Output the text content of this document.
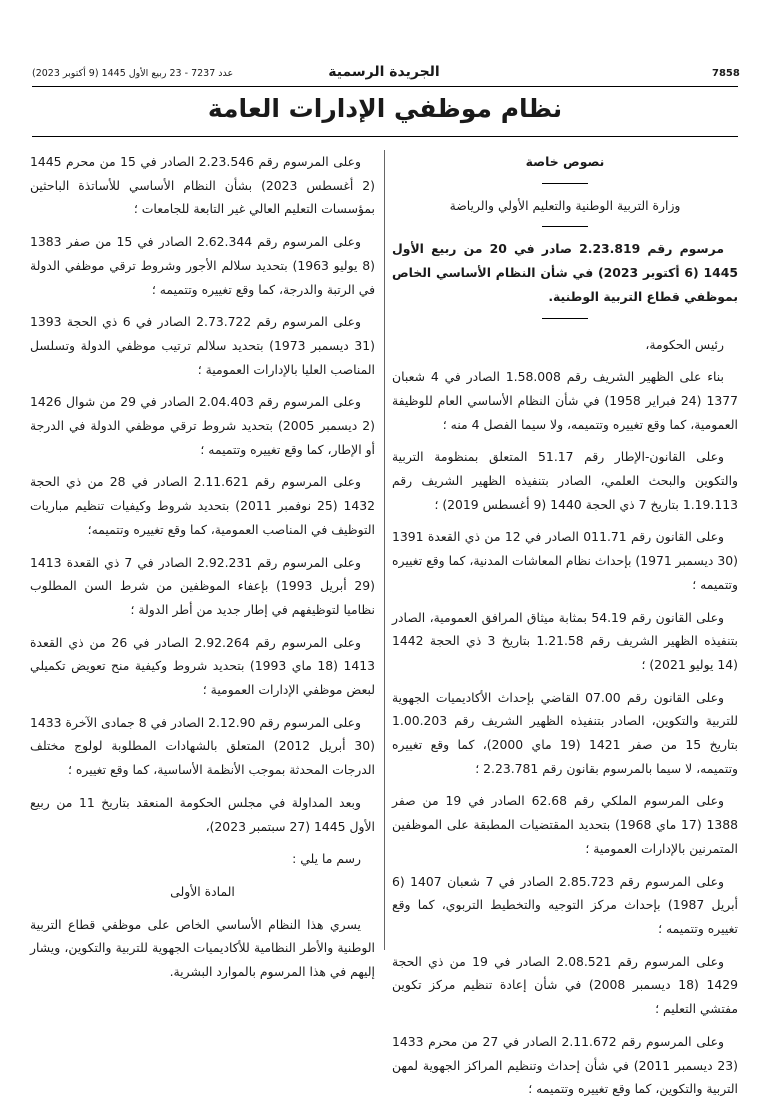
7858
الجريدة الرسمية
عدد 7237 - 23 ربيع الأول 1445 (9 أكتوبر 2023)
نظام موظفي الإدارات العامة

نصوص خاصة

وزارة التربية الوطنية والتعليم الأولي والرياضة

مرسوم رقم 2.23.819 صادر في 20 من ربيع الأول 1445 (6 أكتوبر 2023) في شأن النظام الأساسي الخاص بموظفي قطاع التربية الوطنية.

رئيس الحكومة،

بناء على الظهير الشريف رقم 1.58.008 الصادر في 4 شعبان 1377 (24 فبراير 1958) في شأن النظام الأساسي العام للوظيفة العمومية، كما وقع تغييره وتتميمه، ولا سيما الفصل 4 منه ؛

وعلى القانون-الإطار رقم 51.17 المتعلق بمنظومة التربية والتكوين والبحث العلمي، الصادر بتنفيذه الظهير الشريف رقم 1.19.113 بتاريخ 7 ذي الحجة 1440 (9 أغسطس 2019) ؛

وعلى القانون رقم 011.71 الصادر في 12 من ذي القعدة 1391 (30 ديسمبر 1971) بإحداث نظام المعاشات المدنية، كما وقع تغييره وتتميمه ؛

وعلى القانون رقم 54.19 بمثابة ميثاق المرافق العمومية، الصادر بتنفيذه الظهير الشريف رقم 1.21.58 بتاريخ 3 ذي الحجة 1442 (14 يوليو 2021) ؛

وعلى القانون رقم 07.00 القاضي بإحداث الأكاديميات الجهوية للتربية والتكوين، الصادر بتنفيذه الظهير الشريف رقم 1.00.203 بتاريخ 15 من صفر 1421 (19 ماي 2000)، كما وقع تغييره وتتميمه، لا سيما بالمرسوم بقانون رقم 2.23.781 ؛

وعلى المرسوم الملكي رقم 62.68 الصادر في 19 من صفر 1388 (17 ماي 1968) بتحديد المقتضيات المطبقة على الموظفين المتمرنين بالإدارات العمومية ؛

وعلى المرسوم رقم 2.85.723 الصادر في 7 شعبان 1407 (6 أبريل 1987) بإحداث مركز التوجيه والتخطيط التربوي، كما وقع تغييره وتتميمه ؛

وعلى المرسوم رقم 2.08.521 الصادر في 19 من ذي الحجة 1429 (18 ديسمبر 2008) في شأن إعادة تنظيم مركز تكوين مفتشي التعليم ؛

وعلى المرسوم رقم 2.11.672 الصادر في 27 من محرم 1433 (23 ديسمبر 2011) في شأن إحداث وتنظيم المراكز الجهوية لمهن التربية والتكوين، كما وقع تغييره وتتميمه ؛

وعلى المرسوم رقم 2.23.546 الصادر في 15 من محرم 1445 (2 أغسطس 2023) بشأن النظام الأساسي للأساتذة الباحثين بمؤسسات التعليم العالي غير التابعة للجامعات ؛

وعلى المرسوم رقم 2.62.344 الصادر في 15 من صفر 1383 (8 يوليو 1963) بتحديد سلالم الأجور وشروط ترقي موظفي الدولة في الرتبة والدرجة، كما وقع تغييره وتتميمه ؛

وعلى المرسوم رقم 2.73.722 الصادر في 6 ذي الحجة 1393 (31 ديسمبر 1973) بتحديد سلالم ترتيب موظفي الدولة وتسلسل المناصب العليا بالإدارات العمومية ؛

وعلى المرسوم رقم 2.04.403 الصادر في 29 من شوال 1426 (2 ديسمبر 2005) بتحديد شروط ترقي موظفي الدولة في الدرجة أو الإطار، كما وقع تغييره وتتميمه ؛

وعلى المرسوم رقم 2.11.621 الصادر في 28 من ذي الحجة 1432 (25 نوفمبر 2011) بتحديد شروط وكيفيات تنظيم مباريات التوظيف في المناصب العمومية، كما وقع تغييره وتتميمه؛

وعلى المرسوم رقم 2.92.231 الصادر في 7 ذي القعدة 1413 (29 أبريل 1993) بإعفاء الموظفين من شرط السن المطلوب نظاميا لتوظيفهم في إطار جديد من أطر الدولة ؛

وعلى المرسوم رقم 2.92.264 الصادر في 26 من ذي القعدة 1413 (18 ماي 1993) بتحديد شروط وكيفية منح تعويض تكميلي لبعض موظفي الإدارات العمومية ؛

وعلى المرسوم رقم 2.12.90 الصادر في 8 جمادى الآخرة 1433 (30 أبريل 2012) المتعلق بالشهادات المطلوبة لولوج مختلف الدرجات المحدثة بموجب الأنظمة الأساسية، كما وقع تغييره ؛

وبعد المداولة في مجلس الحكومة المنعقد بتاريخ 11 من ربيع الأول 1445 (27 سبتمبر 2023)،

رسم ما يلي :

المادة الأولى

يسري هذا النظام الأساسي الخاص على موظفي قطاع التربية الوطنية والأطر النظامية للأكاديميات الجهوية للتربية والتكوين، ويشار إليهم في هذا المرسوم بالموارد البشرية.
